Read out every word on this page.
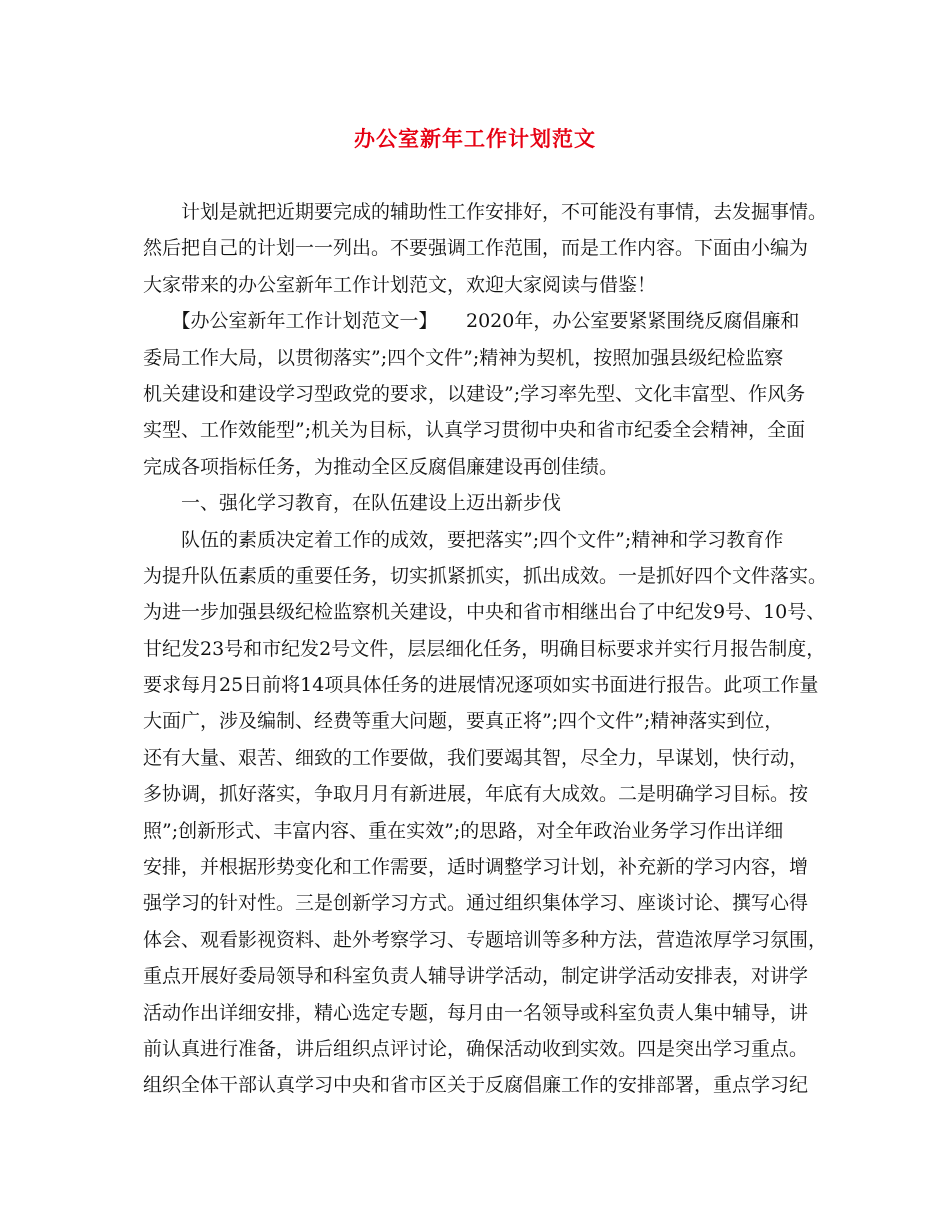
办公室新年工作计划范文
　　计划是就把近期要完成的辅助性工作安排好，不可能没有事情，去发掘事情。
然后把自己的计划一一列出。不要强调工作范围，而是工作内容。下面由小编为
大家带来的办公室新年工作计划范文，欢迎大家阅读与借鉴！
　　【办公室新年工作计划范文一】　　2020年，办公室要紧紧围绕反腐倡廉和
委局工作大局，以贯彻落实”;四个文件”;精神为契机，按照加强县级纪检监察
机关建设和建设学习型政党的要求，以建设”;学习率先型、文化丰富型、作风务
实型、工作效能型”;机关为目标，认真学习贯彻中央和省市纪委全会精神，全面
完成各项指标任务，为推动全区反腐倡廉建设再创佳绩。
　　一、强化学习教育，在队伍建设上迈出新步伐
　　队伍的素质决定着工作的成效，要把落实”;四个文件”;精神和学习教育作
为提升队伍素质的重要任务，切实抓紧抓实，抓出成效。一是抓好四个文件落实。
为进一步加强县级纪检监察机关建设，中央和省市相继出台了中纪发9号、10号、
甘纪发23号和市纪发2号文件，层层细化任务，明确目标要求并实行月报告制度，
要求每月25日前将14项具体任务的进展情况逐项如实书面进行报告。此项工作量
大面广，涉及编制、经费等重大问题，要真正将”;四个文件”;精神落实到位，
还有大量、艰苦、细致的工作要做，我们要竭其智，尽全力，早谋划，快行动，
多协调，抓好落实，争取月月有新进展，年底有大成效。二是明确学习目标。按
照”;创新形式、丰富内容、重在实效”;的思路，对全年政治业务学习作出详细
安排，并根据形势变化和工作需要，适时调整学习计划，补充新的学习内容，增
强学习的针对性。三是创新学习方式。通过组织集体学习、座谈讨论、撰写心得
体会、观看影视资料、赴外考察学习、专题培训等多种方法，营造浓厚学习氛围，
重点开展好委局领导和科室负责人辅导讲学活动，制定讲学活动安排表，对讲学
活动作出详细安排，精心选定专题，每月由一名领导或科室负责人集中辅导，讲
前认真进行准备，讲后组织点评讨论，确保活动收到实效。四是突出学习重点。
组织全体干部认真学习中央和省市区关于反腐倡廉工作的安排部署，重点学习纪
